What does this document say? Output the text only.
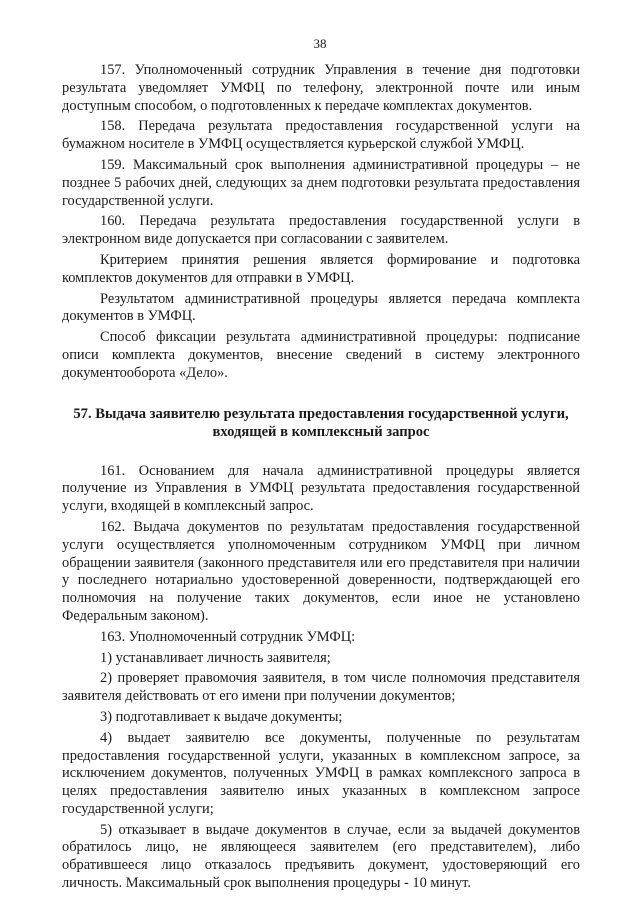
38

157. Уполномоченный сотрудник Управления в течение дня подготовки результата уведомляет УМФЦ по телефону, электронной почте или иным доступным способом, о подготовленных к передаче комплектах документов.

158. Передача результата предоставления государственной услуги на бумажном носителе в УМФЦ осуществляется курьерской службой УМФЦ.

159. Максимальный срок выполнения административной процедуры – не позднее 5 рабочих дней, следующих за днем подготовки результата предоставления государственной услуги.

160. Передача результата предоставления государственной услуги в электронном виде допускается при согласовании с заявителем.

Критерием принятия решения является формирование и подготовка комплектов документов для отправки в УМФЦ.

Результатом административной процедуры является передача комплекта документов в УМФЦ.

Способ фиксации результата административной процедуры: подписание описи комплекта документов, внесение сведений в систему электронного документооборота «Дело».

57. Выдача заявителю результата предоставления государственной услуги, входящей в комплексный запрос

161. Основанием для начала административной процедуры является получение из Управления в УМФЦ результата предоставления государственной услуги, входящей в комплексный запрос.

162. Выдача документов по результатам предоставления государственной услуги осуществляется уполномоченным сотрудником УМФЦ при личном обращении заявителя (законного представителя или его представителя при наличии у последнего нотариально удостоверенной доверенности, подтверждающей его полномочия на получение таких документов, если иное не установлено Федеральным законом).

163. Уполномоченный сотрудник УМФЦ:

1) устанавливает личность заявителя;

2) проверяет правомочия заявителя, в том числе полномочия представителя заявителя действовать от его имени при получении документов;

3) подготавливает к выдаче документы;

4) выдает заявителю все документы, полученные по результатам предоставления государственной услуги, указанных в комплексном запросе, за исключением документов, полученных УМФЦ в рамках комплексного запроса в целях предоставления заявителю иных указанных в комплексном запросе государственной услуги;

5) отказывает в выдаче документов в случае, если за выдачей документов обратилось лицо, не являющееся заявителем (его представителем), либо обратившееся лицо отказалось предъявить документ, удостоверяющий его личность. Максимальный срок выполнения процедуры - 10 минут.
